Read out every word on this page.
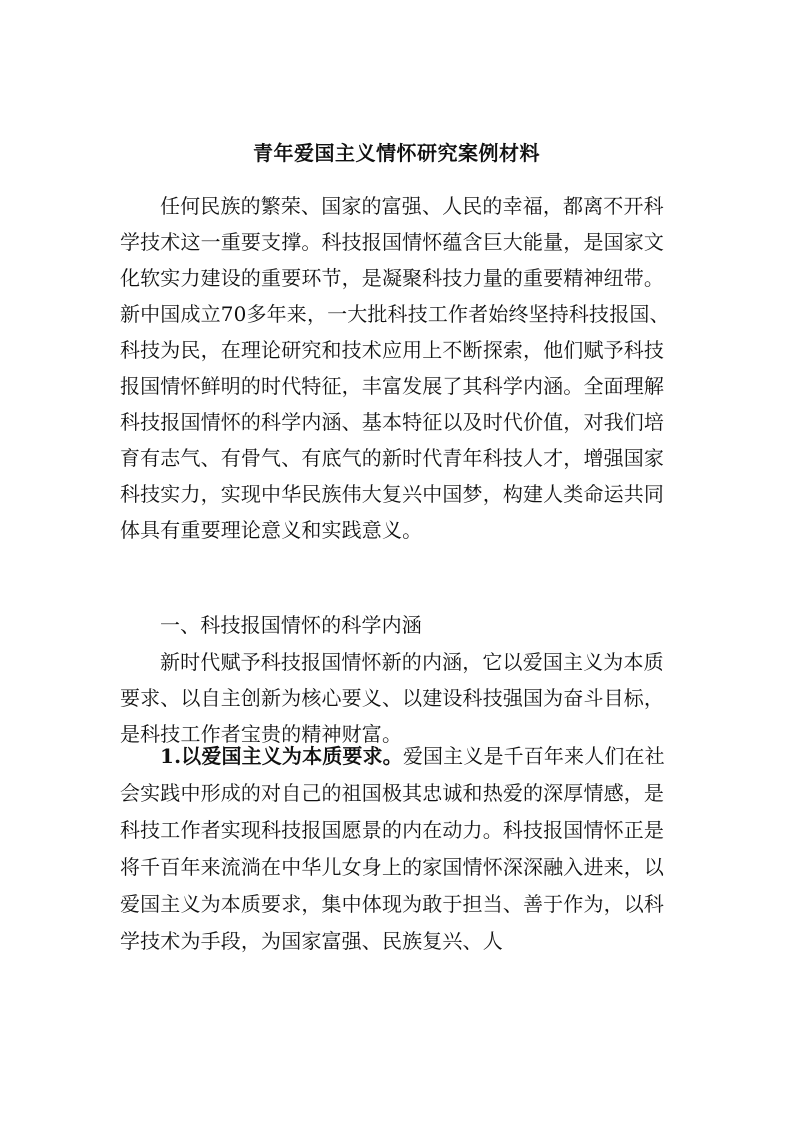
青年爱国主义情怀研究案例材料

任何民族的繁荣、国家的富强、人民的幸福，都离不开科学技术这一重要支撑。科技报国情怀蕴含巨大能量，是国家文化软实力建设的重要环节，是凝聚科技力量的重要精神纽带。新中国成立70多年来，一大批科技工作者始终坚持科技报国、科技为民，在理论研究和技术应用上不断探索，他们赋予科技报国情怀鲜明的时代特征，丰富发展了其科学内涵。全面理解科技报国情怀的科学内涵、基本特征以及时代价值，对我们培育有志气、有骨气、有底气的新时代青年科技人才，增强国家科技实力，实现中华民族伟大复兴中国梦，构建人类命运共同体具有重要理论意义和实践意义。

一、科技报国情怀的科学内涵

新时代赋予科技报国情怀新的内涵，它以爱国主义为本质要求、以自主创新为核心要义、以建设科技强国为奋斗目标，是科技工作者宝贵的精神财富。

1.以爱国主义为本质要求。爱国主义是千百年来人们在社会实践中形成的对自己的祖国极其忠诚和热爱的深厚情感，是科技工作者实现科技报国愿景的内在动力。科技报国情怀正是将千百年来流淌在中华儿女身上的家国情怀深深融入进来，以爱国主义为本质要求，集中体现为敢于担当、善于作为，以科学技术为手段，为国家富强、民族复兴、人
